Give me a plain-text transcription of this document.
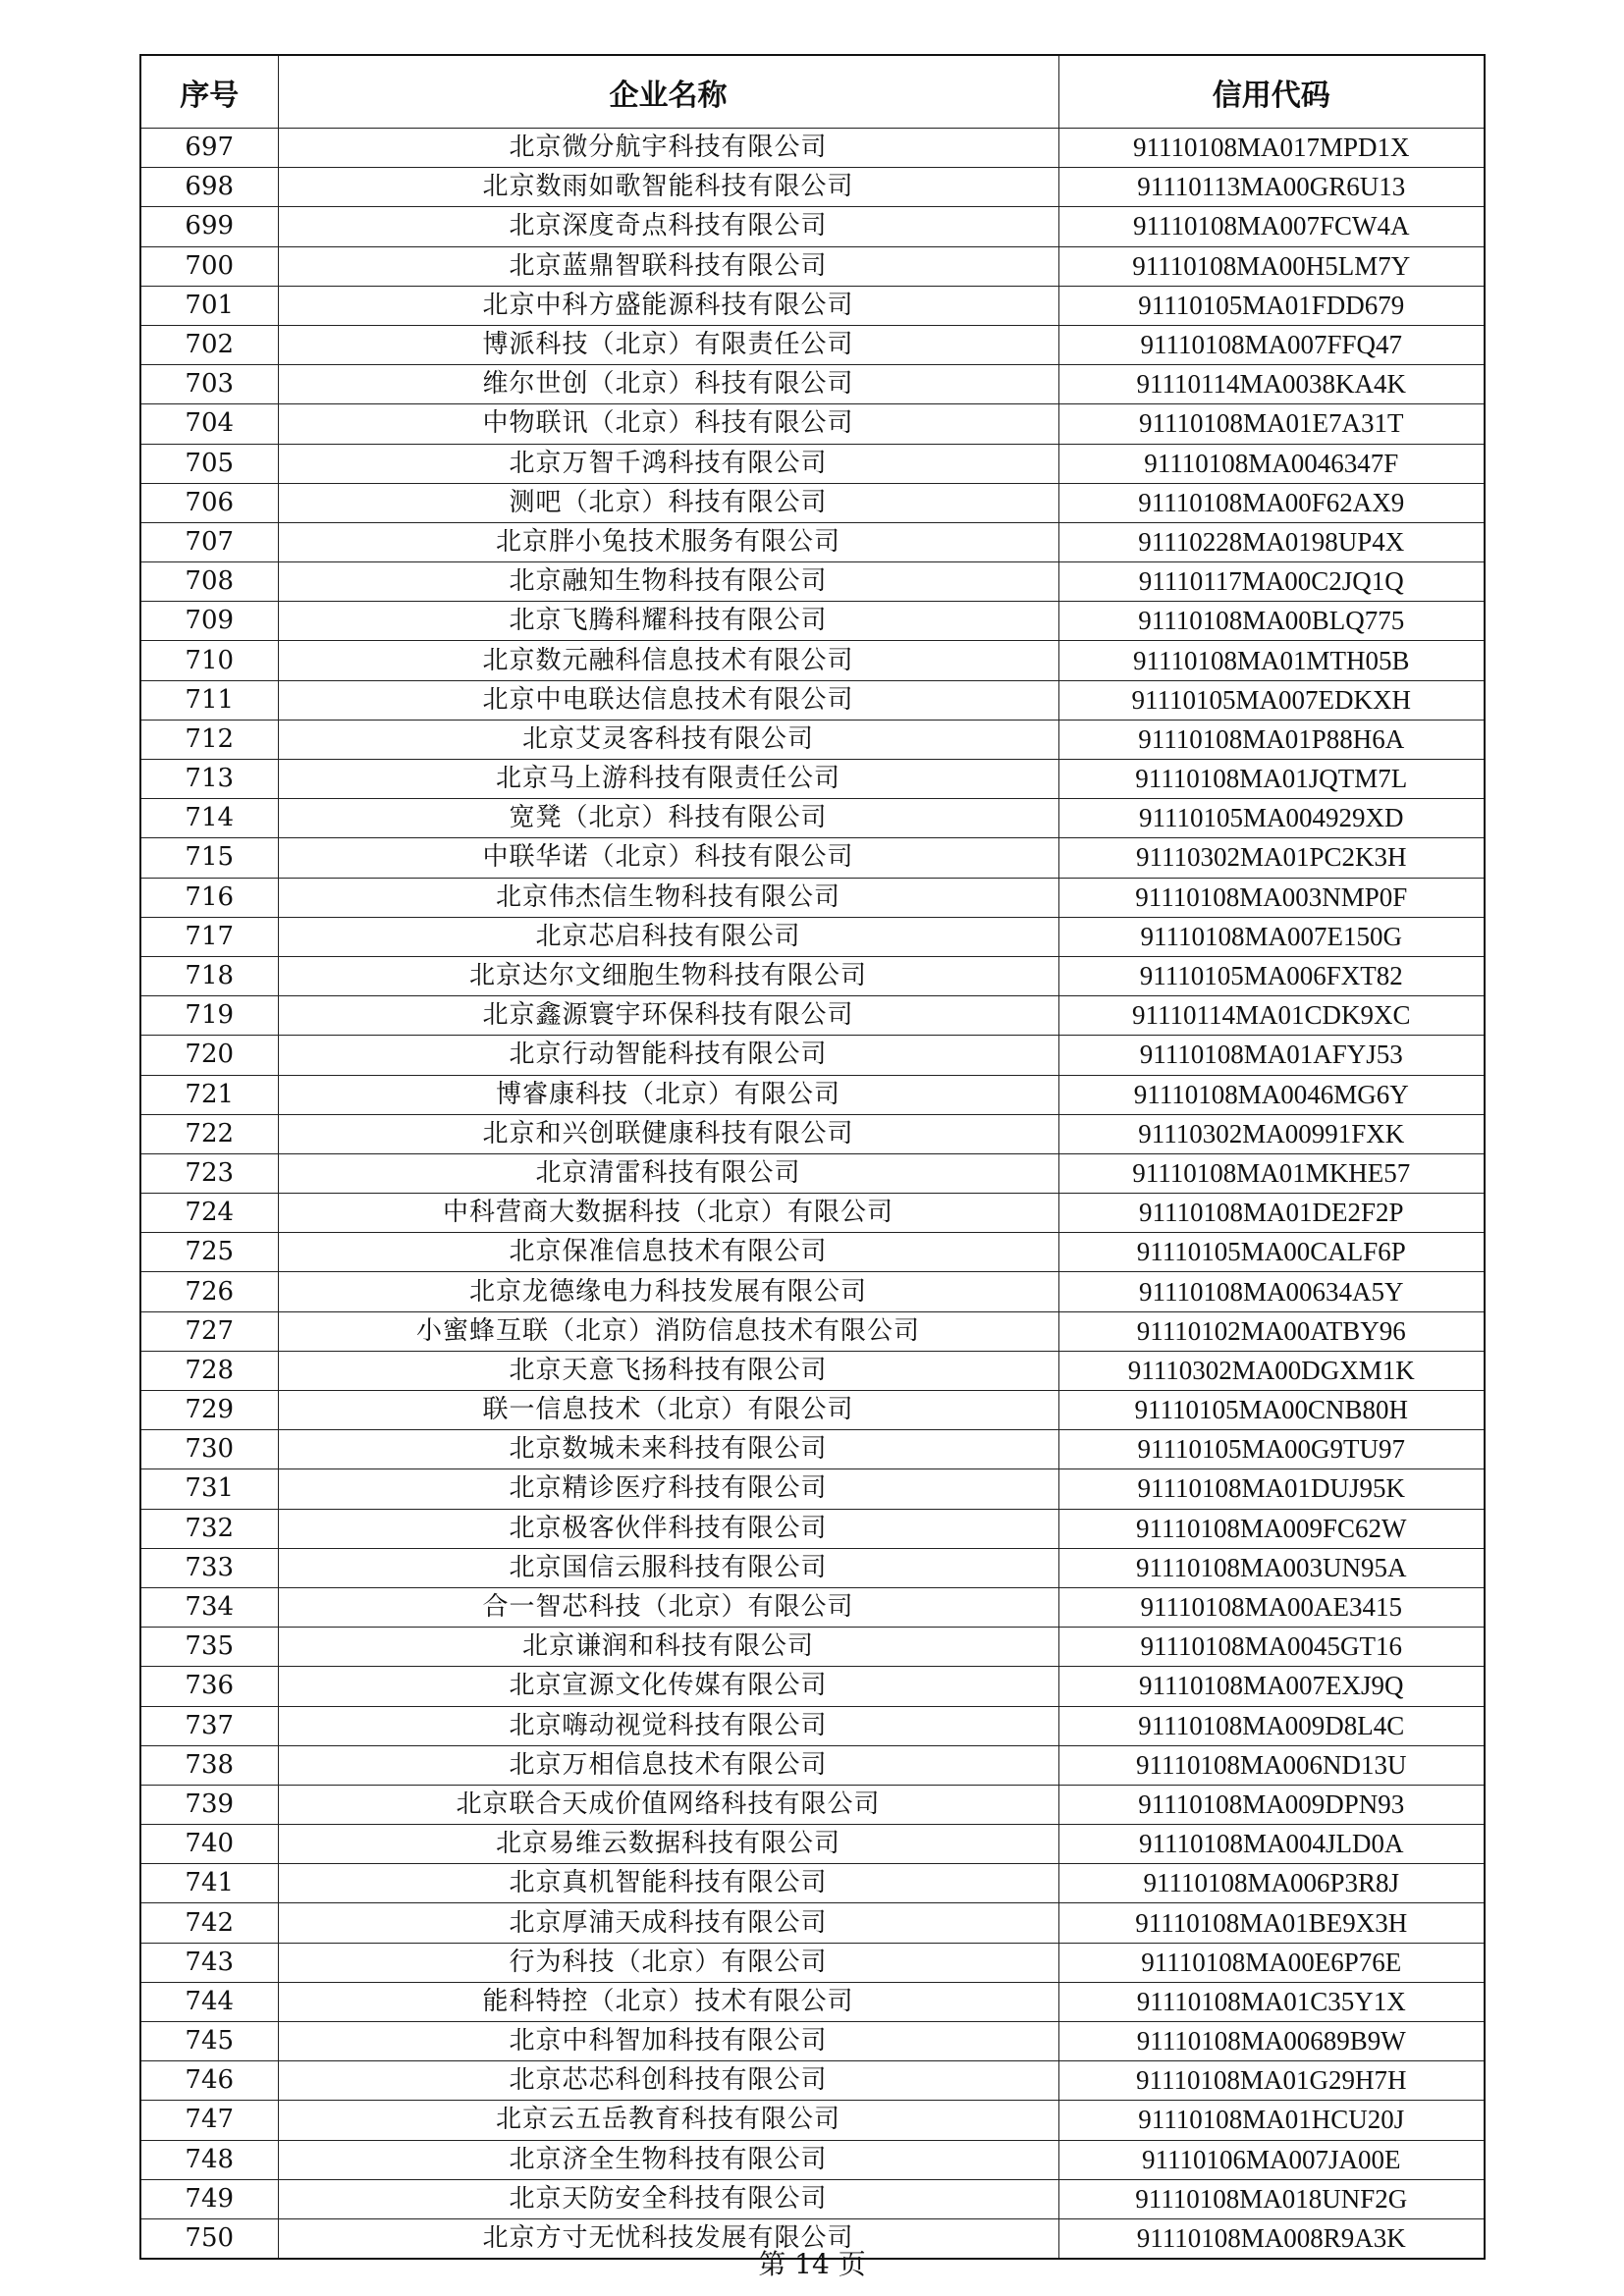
序号	企业名称	信用代码
697	北京微分航宇科技有限公司	91110108MA017MPD1X
698	北京数雨如歌智能科技有限公司	91110113MA00GR6U13
699	北京深度奇点科技有限公司	91110108MA007FCW4A
700	北京蓝鼎智联科技有限公司	91110108MA00H5LM7Y
701	北京中科方盛能源科技有限公司	91110105MA01FDD679
702	博派科技（北京）有限责任公司	91110108MA007FFQ47
703	维尔世创（北京）科技有限公司	91110114MA0038KA4K
704	中物联讯（北京）科技有限公司	91110108MA01E7A31T
705	北京万智千鸿科技有限公司	91110108MA0046347F
706	测吧（北京）科技有限公司	91110108MA00F62AX9
707	北京胖小兔技术服务有限公司	91110228MA0198UP4X
708	北京融知生物科技有限公司	91110117MA00C2JQ1Q
709	北京飞腾科耀科技有限公司	91110108MA00BLQ775
710	北京数元融科信息技术有限公司	91110108MA01MTH05B
711	北京中电联达信息技术有限公司	91110105MA007EDKXH
712	北京艾灵客科技有限公司	91110108MA01P88H6A
713	北京马上游科技有限责任公司	91110108MA01JQTM7L
714	宽凳（北京）科技有限公司	91110105MA004929XD
715	中联华诺（北京）科技有限公司	91110302MA01PC2K3H
716	北京伟杰信生物科技有限公司	91110108MA003NMP0F
717	北京芯启科技有限公司	91110108MA007E150G
718	北京达尔文细胞生物科技有限公司	91110105MA006FXT82
719	北京鑫源寰宇环保科技有限公司	91110114MA01CDK9XC
720	北京行动智能科技有限公司	91110108MA01AFYJ53
721	博睿康科技（北京）有限公司	91110108MA0046MG6Y
722	北京和兴创联健康科技有限公司	91110302MA00991FXK
723	北京清雷科技有限公司	91110108MA01MKHE57
724	中科营商大数据科技（北京）有限公司	91110108MA01DE2F2P
725	北京保准信息技术有限公司	91110105MA00CALF6P
726	北京龙德缘电力科技发展有限公司	91110108MA00634A5Y
727	小蜜蜂互联（北京）消防信息技术有限公司	91110102MA00ATBY96
728	北京天意飞扬科技有限公司	91110302MA00DGXM1K
729	联一信息技术（北京）有限公司	91110105MA00CNB80H
730	北京数城未来科技有限公司	91110105MA00G9TU97
731	北京精诊医疗科技有限公司	91110108MA01DUJ95K
732	北京极客伙伴科技有限公司	91110108MA009FC62W
733	北京国信云服科技有限公司	91110108MA003UN95A
734	合一智芯科技（北京）有限公司	91110108MA00AE3415
735	北京谦润和科技有限公司	91110108MA0045GT16
736	北京宣源文化传媒有限公司	91110108MA007EXJ9Q
737	北京嗨动视觉科技有限公司	91110108MA009D8L4C
738	北京万相信息技术有限公司	91110108MA006ND13U
739	北京联合天成价值网络科技有限公司	91110108MA009DPN93
740	北京易维云数据科技有限公司	91110108MA004JLD0A
741	北京真机智能科技有限公司	91110108MA006P3R8J
742	北京厚浦天成科技有限公司	91110108MA01BE9X3H
743	行为科技（北京）有限公司	91110108MA00E6P76E
744	能科特控（北京）技术有限公司	91110108MA01C35Y1X
745	北京中科智加科技有限公司	91110108MA00689B9W
746	北京芯芯科创科技有限公司	91110108MA01G29H7H
747	北京云五岳教育科技有限公司	91110108MA01HCU20J
748	北京济全生物科技有限公司	91110106MA007JA00E
749	北京天防安全科技有限公司	91110108MA018UNF2G
750	北京方寸无忧科技发展有限公司	91110108MA008R9A3K
第 14 页
